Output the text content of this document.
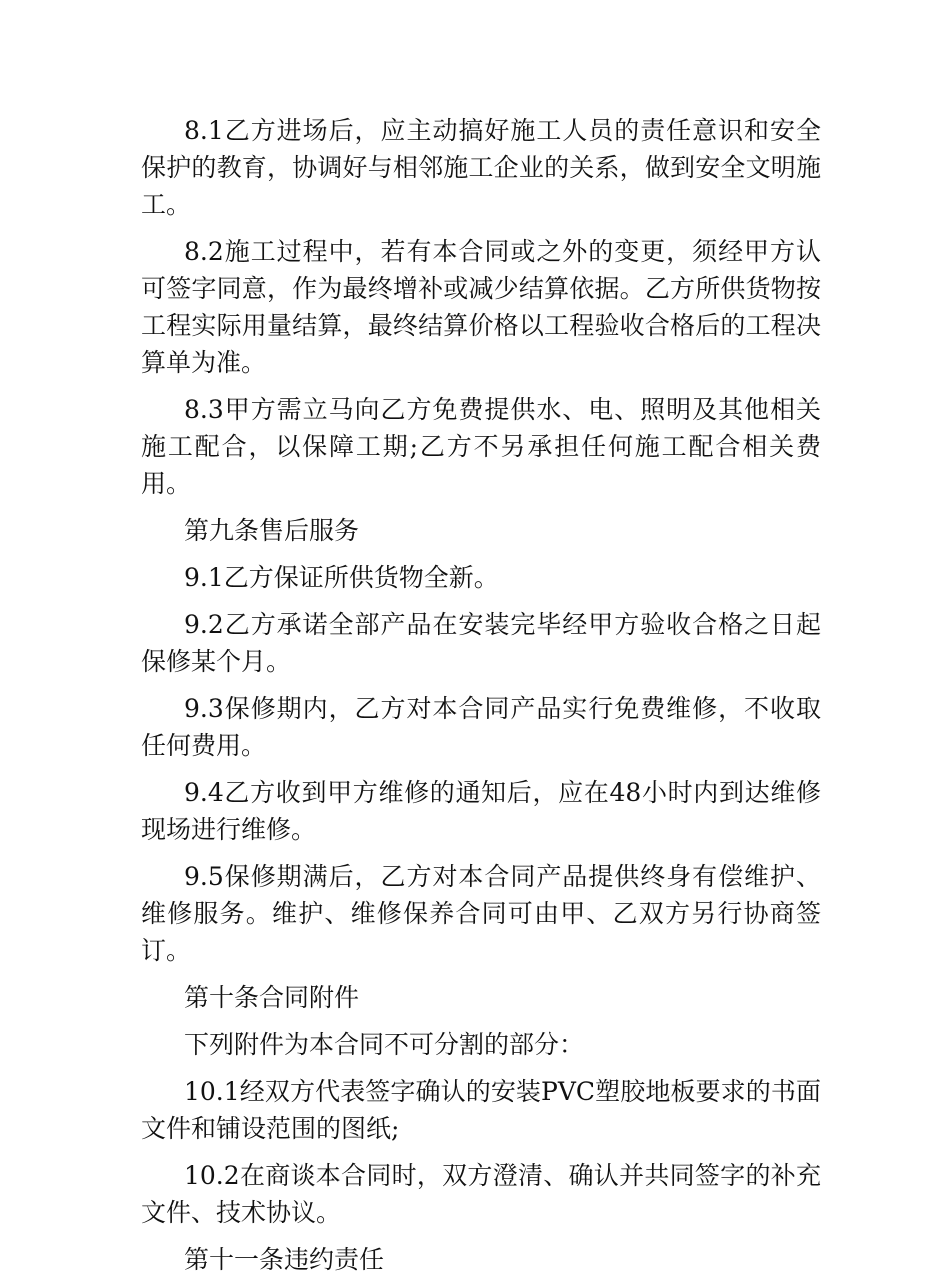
8.1乙方进场后，应主动搞好施工人员的责任意识和安全保护的教育，协调好与相邻施工企业的关系，做到安全文明施工。

8.2施工过程中，若有本合同或之外的变更，须经甲方认可签字同意，作为最终增补或减少结算依据。乙方所供货物按工程实际用量结算，最终结算价格以工程验收合格后的工程决算单为准。

8.3甲方需立马向乙方免费提供水、电、照明及其他相关施工配合，以保障工期;乙方不另承担任何施工配合相关费用。

第九条售后服务

9.1乙方保证所供货物全新。

9.2乙方承诺全部产品在安装完毕经甲方验收合格之日起保修某个月。

9.3保修期内，乙方对本合同产品实行免费维修，不收取任何费用。

9.4乙方收到甲方维修的通知后，应在48小时内到达维修现场进行维修。

9.5保修期满后，乙方对本合同产品提供终身有偿维护、维修服务。维护、维修保养合同可由甲、乙双方另行协商签订。

第十条合同附件

下列附件为本合同不可分割的部分：

10.1经双方代表签字确认的安装PVC塑胶地板要求的书面文件和铺设范围的图纸;

10.2在商谈本合同时，双方澄清、确认并共同签字的补充文件、技术协议。

第十一条违约责任
